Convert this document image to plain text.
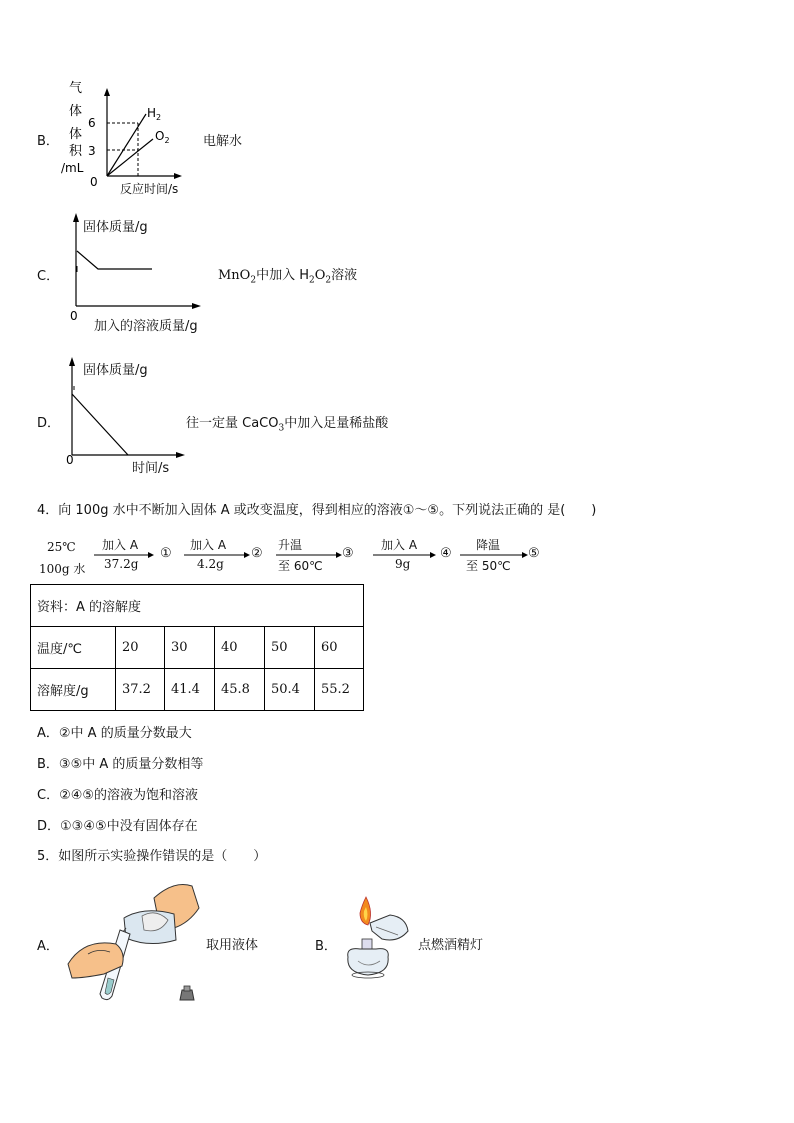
B．
气
体
体
积
/mL
6
3
0
$H_2$
$O_2$
反应时间/s
电解水
C．
0
固体质量/g
加入的溶液质量/g
MnO$_2$中加入 $H_2O_2$溶液
D．
0
固体质量/g
时间/s
往一定量 CaCO$_3$中加入足量稀盐酸
4．向 100g 水中不断加入固体 A 或改变温度，得到相应的溶液①～⑤。下列说法正确的 是(　　)
25℃
100g 水
加入 A
37.2g
①
加入 A
4.2g
②
升温
至 60℃
③
加入 A
9g
④
降温
至 50℃
⑤
资料：A 的溶解度					
温度/℃	20	30	40	50	60
溶解度/g	37.2	41.4	45.8	50.4	55.2
A．②中 A 的质量分数最大
B．③⑤中 A 的质量分数相等
C．②④⑤的溶液为饱和溶液
D．①③④⑤中没有固体存在
5．如图所示实验操作错误的是（　　）
A．	取用液体	B．	点燃酒精灯
